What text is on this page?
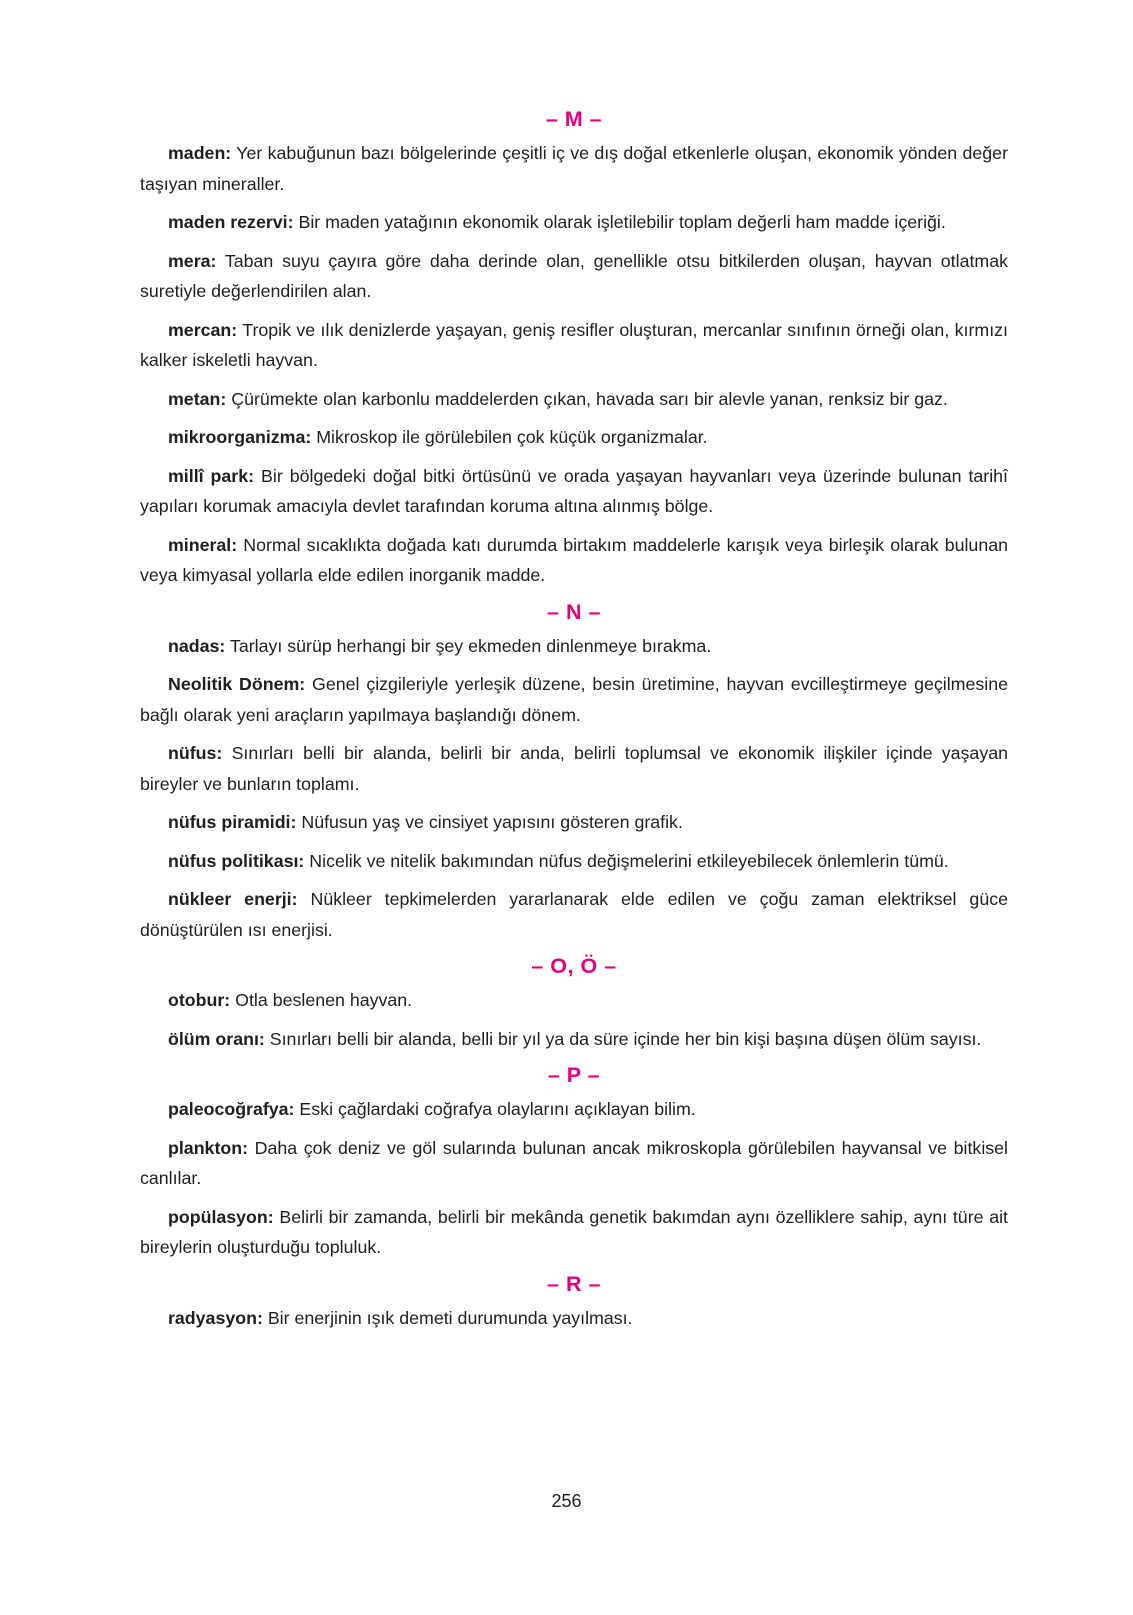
– M –

maden: Yer kabuğunun bazı bölgelerinde çeşitli iç ve dış doğal etkenlerle oluşan, ekonomik yönden değer taşıyan mineraller.

maden rezervi: Bir maden yatağının ekonomik olarak işletilebilir toplam değerli ham madde içeriği.

mera: Taban suyu çayıra göre daha derinde olan, genellikle otsu bitkilerden oluşan, hayvan otlatmak suretiyle değerlendirilen alan.

mercan: Tropik ve ılık denizlerde yaşayan, geniş resifler oluşturan, mercanlar sınıfının örneği olan, kırmızı kalker iskeletli hayvan.

metan: Çürümekte olan karbonlu maddelerden çıkan, havada sarı bir alevle yanan, renksiz bir gaz.

mikroorganizma: Mikroskop ile görülebilen çok küçük organizmalar.

millî park: Bir bölgedeki doğal bitki örtüsünü ve orada yaşayan hayvanları veya üzerinde bulunan tarihî yapıları korumak amacıyla devlet tarafından koruma altına alınmış bölge.

mineral: Normal sıcaklıkta doğada katı durumda birtakım maddelerle karışık veya birleşik olarak bulunan veya kimyasal yollarla elde edilen inorganik madde.

– N –

nadas: Tarlayı sürüp herhangi bir şey ekmeden dinlenmeye bırakma.

Neolitik Dönem: Genel çizgileriyle yerleşik düzene, besin üretimine, hayvan evcilleştirmeye geçilmesine bağlı olarak yeni araçların yapılmaya başlandığı dönem.

nüfus: Sınırları belli bir alanda, belirli bir anda, belirli toplumsal ve ekonomik ilişkiler içinde yaşayan bireyler ve bunların toplamı.

nüfus piramidi: Nüfusun yaş ve cinsiyet yapısını gösteren grafik.

nüfus politikası: Nicelik ve nitelik bakımından nüfus değişmelerini etkileyebilecek önlemlerin tümü.

nükleer enerji: Nükleer tepkimelerden yararlanarak elde edilen ve çoğu zaman elektriksel güce dönüştürülen ısı enerjisi.

– O, Ö –

otobur: Otla beslenen hayvan.

ölüm oranı: Sınırları belli bir alanda, belli bir yıl ya da süre içinde her bin kişi başına düşen ölüm sayısı.

– P –

paleocoğrafya: Eski çağlardaki coğrafya olaylarını açıklayan bilim.

plankton: Daha çok deniz ve göl sularında bulunan ancak mikroskopla görülebilen hayvansal ve bitkisel canlılar.

popülasyon: Belirli bir zamanda, belirli bir mekânda genetik bakımdan aynı özelliklere sahip, aynı türe ait bireylerin oluşturduğu topluluk.

– R –

radyasyon: Bir enerjinin ışık demeti durumunda yayılması.

256
